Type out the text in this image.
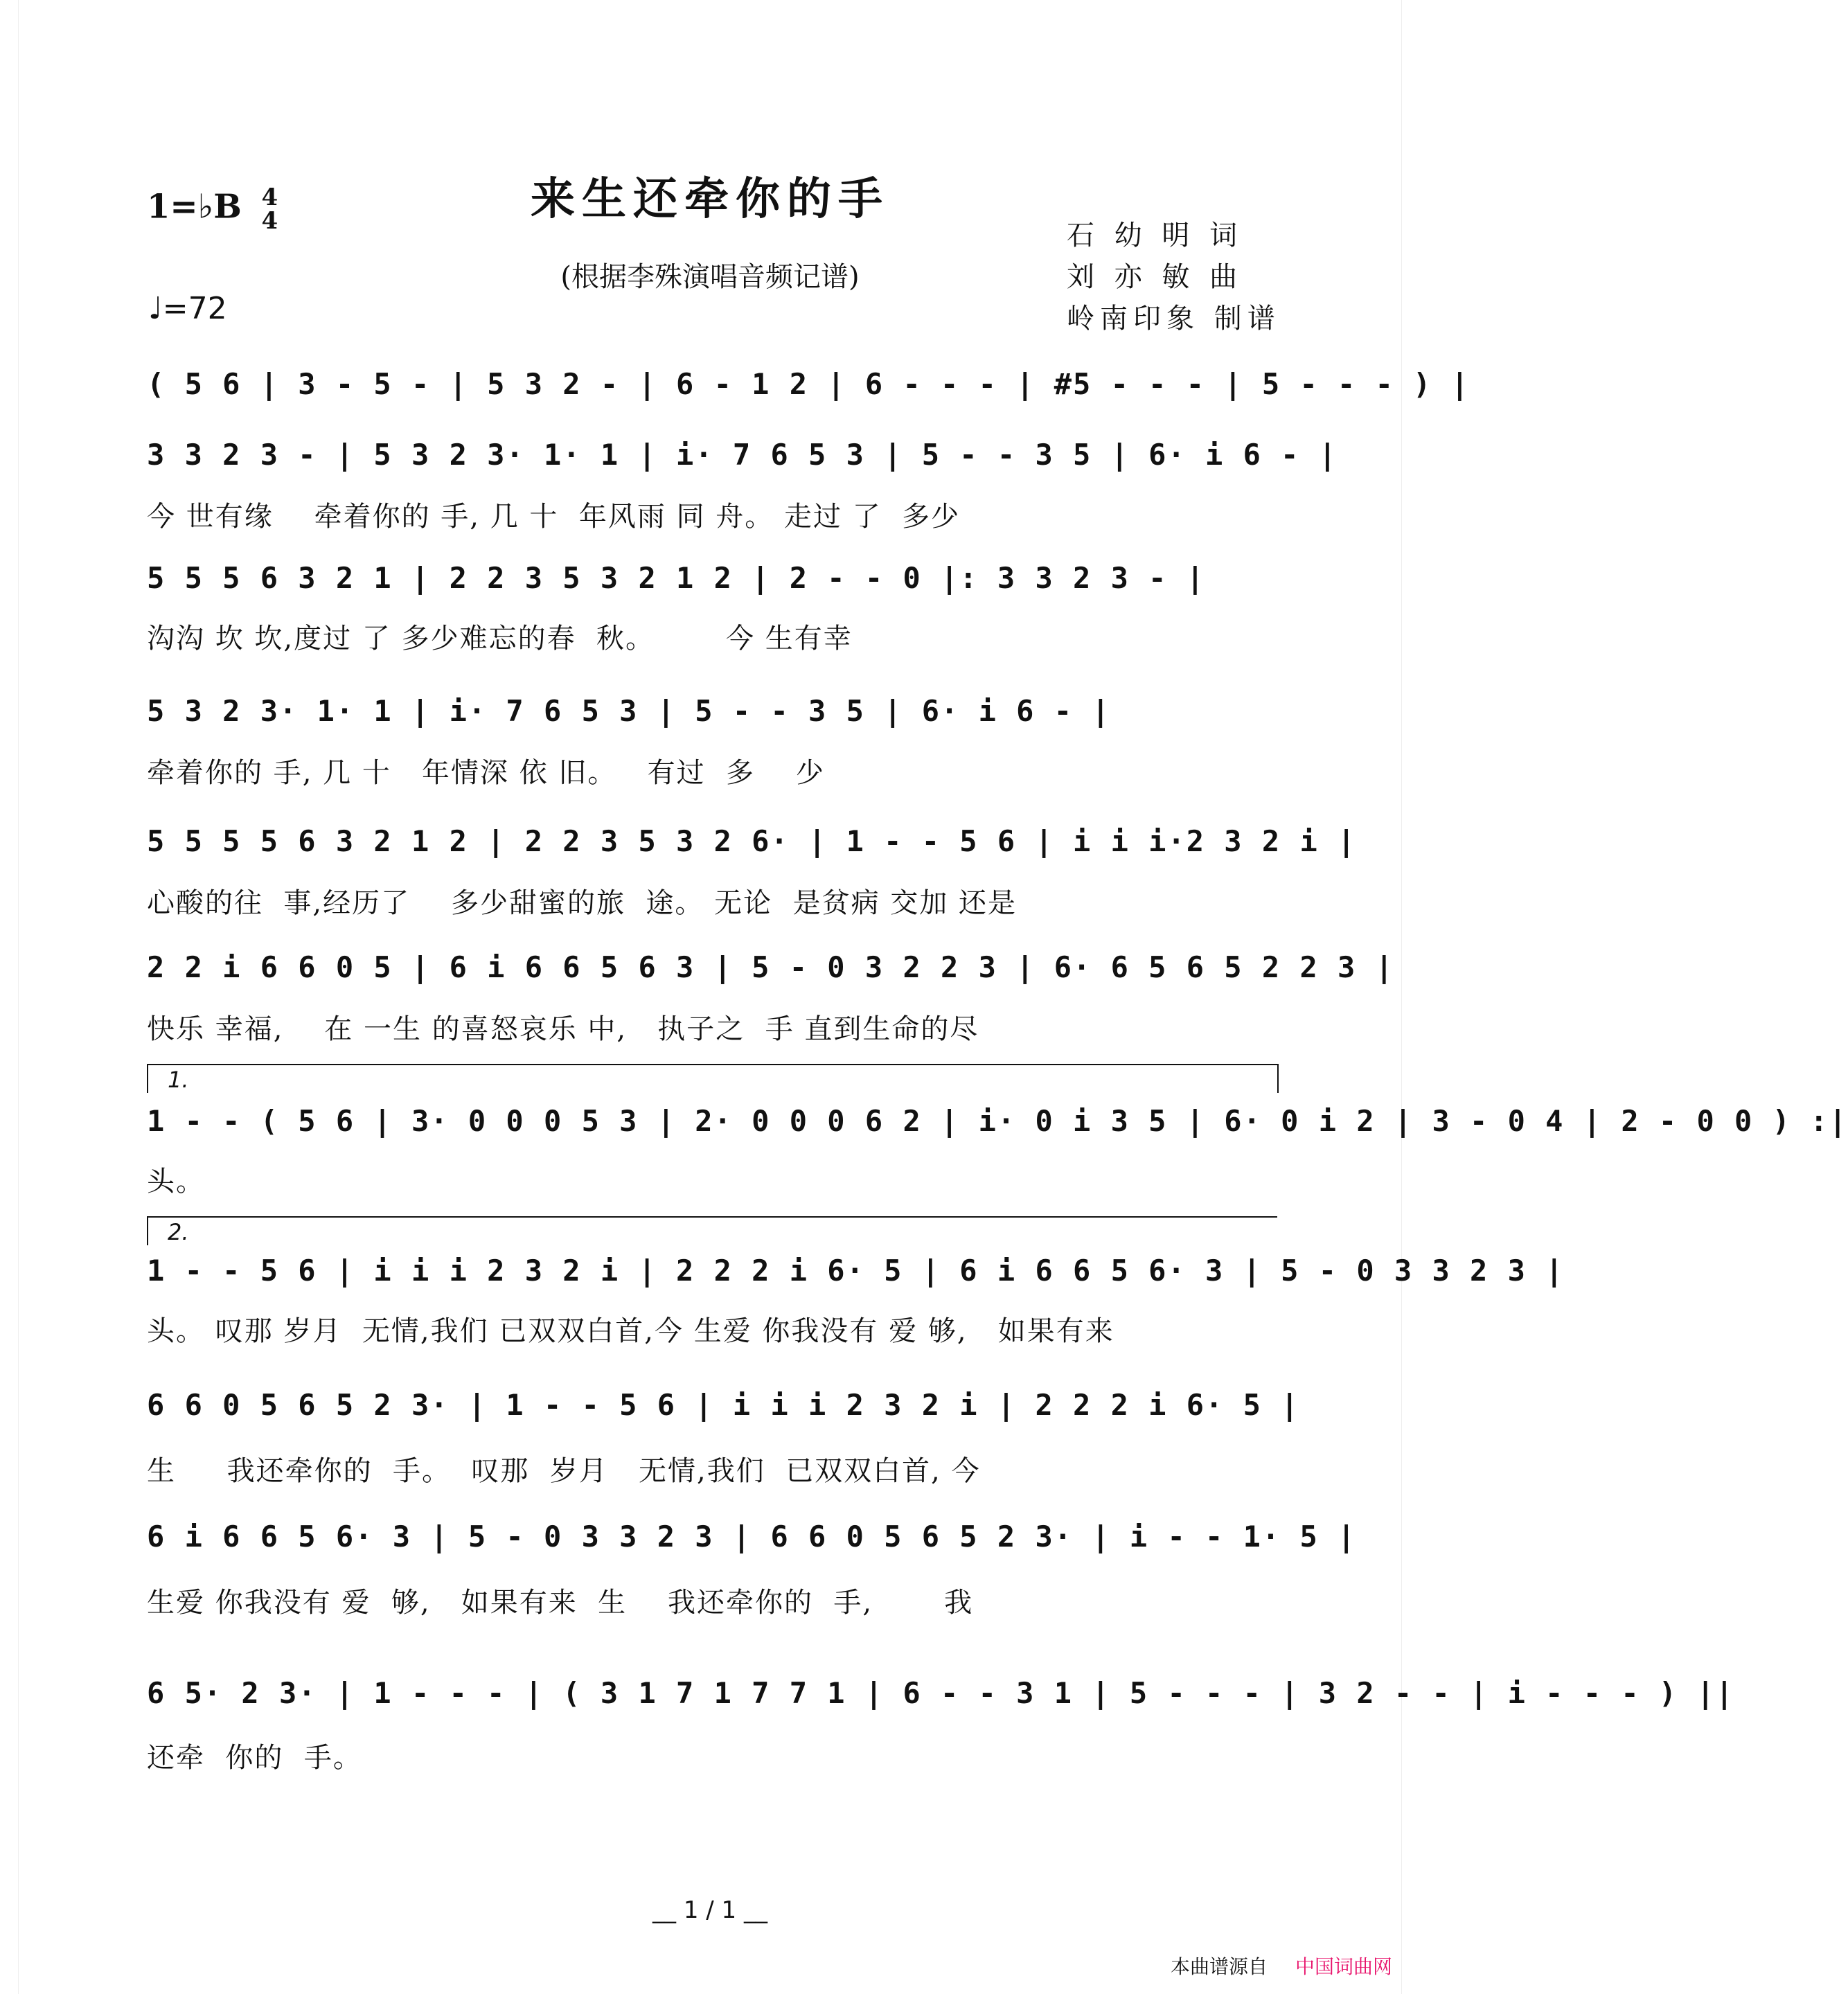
1=♭B 4
4
♩=72
来生还牵你的手
(根据李殊演唱音频记谱)
石 幼 明 词
刘 亦 敏 曲
岭南印象 制谱
( 5 6 | 3 - 5 - | 5 3 2 - | 6 - 1 2 | 6 - - - | #5 - - - | 5 - - - ) |
3 3 2 3 - | 5 3 2 3· 1· 1 | i· 7 6 5 3 | 5 - - 3 5 | 6· i 6 - |
今 世有缘    牵着你的 手, 几 十  年风雨 同 舟。 走过 了  多少
5 5 5 6 3 2 1 | 2 2 3 5 3 2 1 2 | 2 - - 0 |: 3 3 2 3 - |
沟沟 坎 坎,度过 了 多少难忘的春  秋。       今 生有幸
5 3 2 3· 1· 1 | i· 7 6 5 3 | 5 - - 3 5 | 6· i 6 - |
牵着你的 手, 几 十   年情深 依 旧。   有过  多    少
5 5 5 5 6 3 2 1 2 | 2 2 3 5 3 2 6· | 1 - - 5 6 | i i i·2 3 2 i |
心酸的往  事,经历了    多少甜蜜的旅  途。 无论  是贫病 交加 还是
2 2 i 6 6 0 5 | 6 i 6 6 5 6 3 | 5 - 0 3 2 2 3 | 6· 6 5 6 5 2 2 3 |
快乐 幸福,    在 一生 的喜怒哀乐 中,   执子之  手 直到生命的尽
1.
1 - - ( 5 6 | 3· 0 0 0 5 3 | 2· 0 0 0 6 2 | i· 0 i 3 5 | 6· 0 i 2 | 3 - 0 4 | 2 - 0 0 ) :|
头。
2.
1 - - 5 6 | i i i 2 3 2 i | 2 2 2 i 6· 5 | 6 i 6 6 5 6· 3 | 5 - 0 3 3 2 3 |
头。 叹那 岁月  无情,我们 已双双白首,今 生爱 你我没有 爱 够,   如果有来
6 6 0 5 6 5 2 3· | 1 - - 5 6 | i i i 2 3 2 i | 2 2 2 i 6· 5 |
生     我还牵你的  手。  叹那  岁月   无情,我们  已双双白首, 今
6 i 6 6 5 6· 3 | 5 - 0 3 3 2 3 | 6 6 0 5 6 5 2 3· | i - - 1· 5 |
生爱 你我没有 爱  够,   如果有来  生    我还牵你的  手,       我
6 5· 2 3· | 1 - - - | ( 3 1 7 1 7 7 1 | 6 - - 3 1 | 5 - - - | 3 2 - - | i - - - ) ||
还牵  你的  手。
__ 1 / 1 __
本曲谱源自 中国词曲网
